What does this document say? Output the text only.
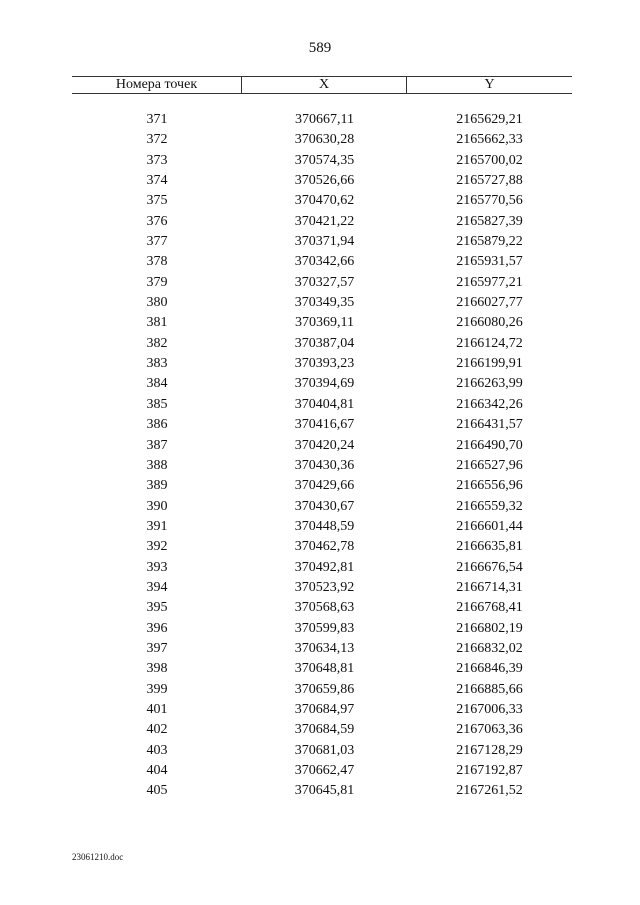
589
Номера точек	X	Y
371	370667,11	2165629,21
372	370630,28	2165662,33
373	370574,35	2165700,02
374	370526,66	2165727,88
375	370470,62	2165770,56
376	370421,22	2165827,39
377	370371,94	2165879,22
378	370342,66	2165931,57
379	370327,57	2165977,21
380	370349,35	2166027,77
381	370369,11	2166080,26
382	370387,04	2166124,72
383	370393,23	2166199,91
384	370394,69	2166263,99
385	370404,81	2166342,26
386	370416,67	2166431,57
387	370420,24	2166490,70
388	370430,36	2166527,96
389	370429,66	2166556,96
390	370430,67	2166559,32
391	370448,59	2166601,44
392	370462,78	2166635,81
393	370492,81	2166676,54
394	370523,92	2166714,31
395	370568,63	2166768,41
396	370599,83	2166802,19
397	370634,13	2166832,02
398	370648,81	2166846,39
399	370659,86	2166885,66
401	370684,97	2167006,33
402	370684,59	2167063,36
403	370681,03	2167128,29
404	370662,47	2167192,87
405	370645,81	2167261,52
23061210.doc
